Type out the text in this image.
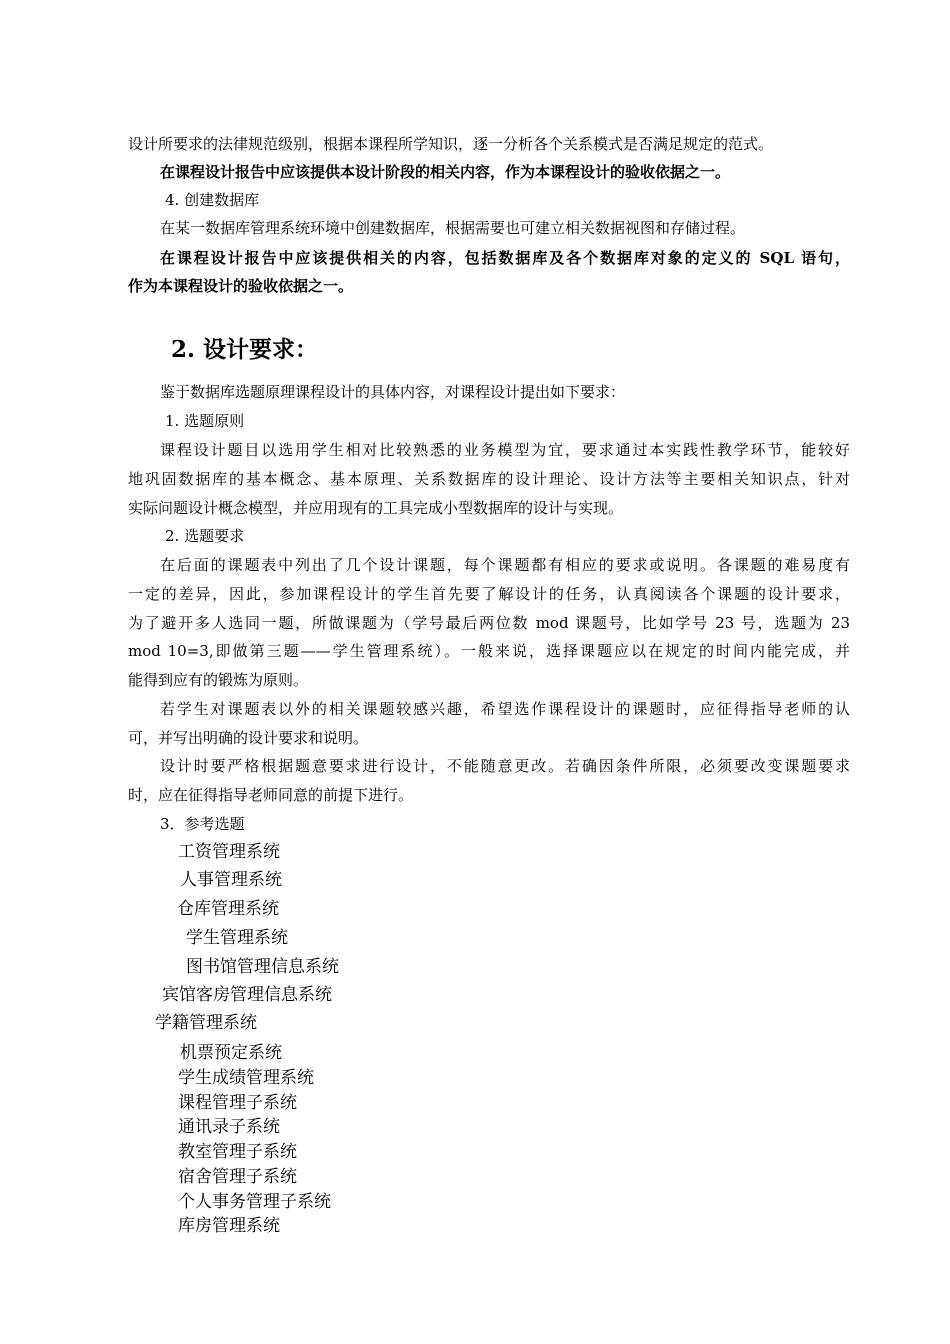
设计所要求的法律规范级别，根据本课程所学知识，逐一分析各个关系模式是否满足规定的范式。
在课程设计报告中应该提供本设计阶段的相关内容，作为本课程设计的验收依据之一。
4. 创建数据库
在某一数据库管理系统环境中创建数据库，根据需要也可建立相关数据视图和存储过程。
在课程设计报告中应该提供相关的内容，包括数据库及各个数据库对象的定义的 SQL 语句，
作为本课程设计的验收依据之一。
2. 设计要求：
鉴于数据库选题原理课程设计的具体内容，对课程设计提出如下要求：
1. 选题原则
课程设计题目以选用学生相对比较熟悉的业务模型为宜，要求通过本实践性教学环节，能较好
地巩固数据库的基本概念、基本原理、关系数据库的设计理论、设计方法等主要相关知识点，针对
实际问题设计概念模型，并应用现有的工具完成小型数据库的设计与实现。
2. 选题要求
在后面的课题表中列出了几个设计课题，每个课题都有相应的要求或说明。各课题的难易度有
一定的差异，因此，参加课程设计的学生首先要了解设计的任务，认真阅读各个课题的设计要求，
为了避开多人选同一题，所做课题为（学号最后两位数 mod 课题号，比如学号 23 号，选题为 23
mod 10=3,即做第三题——学生管理系统）。一般来说，选择课题应以在规定的时间内能完成，并
能得到应有的锻炼为原则。
若学生对课题表以外的相关课题较感兴趣，希望选作课程设计的课题时，应征得指导老师的认
可，并写出明确的设计要求和说明。
设计时要严格根据题意要求进行设计，不能随意更改。若确因条件所限，必须要改变课题要求
时，应在征得指导老师同意的前提下进行。
3．参考选题
工资管理系统
人事管理系统
仓库管理系统
学生管理系统
图书馆管理信息系统
宾馆客房管理信息系统
学籍管理系统
机票预定系统
学生成绩管理系统
课程管理子系统
通讯录子系统
教室管理子系统
宿舍管理子系统
个人事务管理子系统
库房管理系统
